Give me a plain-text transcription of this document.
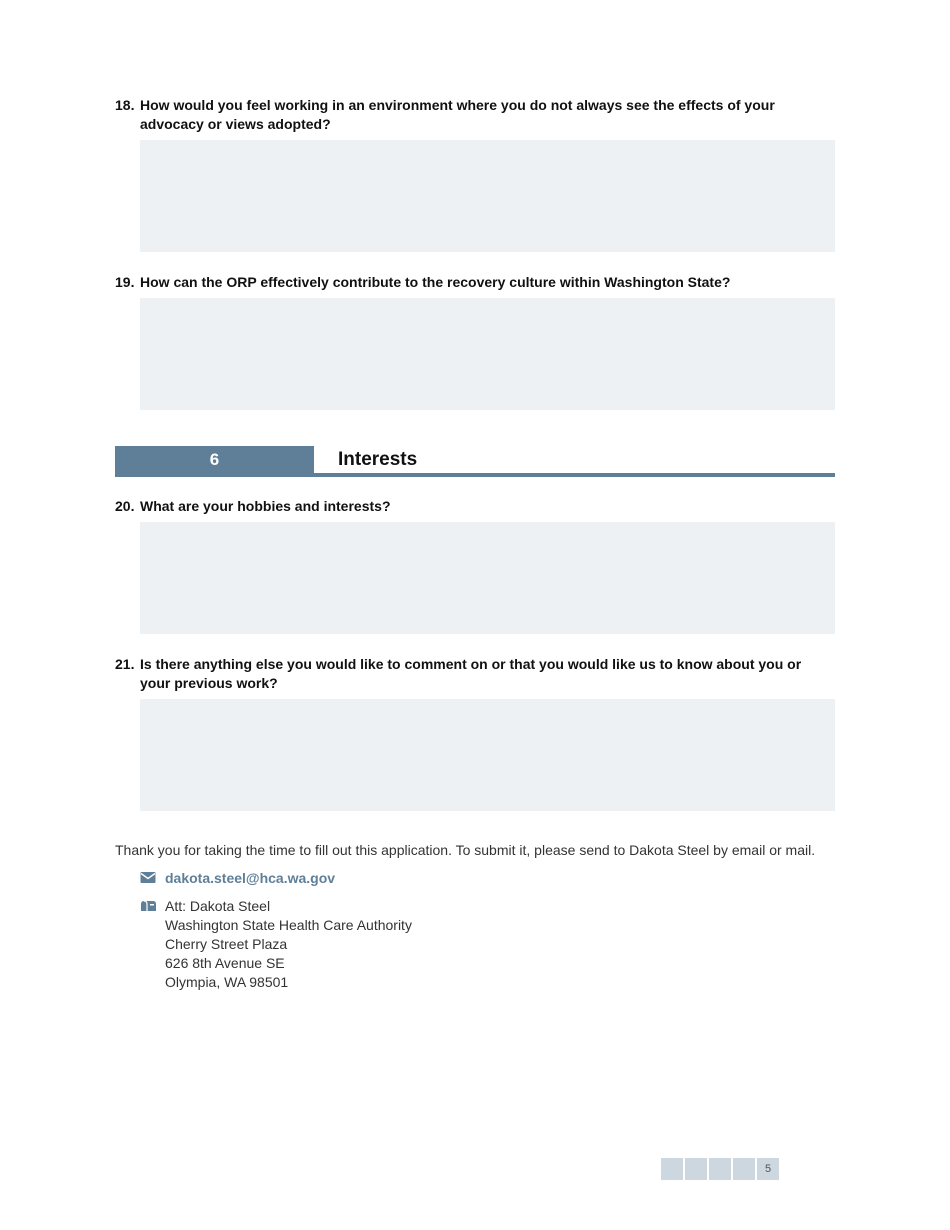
18. How would you feel working in an environment where you do not always see the effects of your advocacy or views adopted?
19. How can the ORP effectively contribute to the recovery culture within Washington State?
6	Interests
20. What are your hobbies and interests?
21. Is there anything else you would like to comment on or that you would like us to know about you or your previous work?
Thank you for taking the time to fill out this application. To submit it, please send to Dakota Steel by email or mail.
dakota.steel@hca.wa.gov
Att: Dakota Steel
Washington State Health Care Authority
Cherry Street Plaza
626 8th Avenue SE
Olympia, WA 98501
5
